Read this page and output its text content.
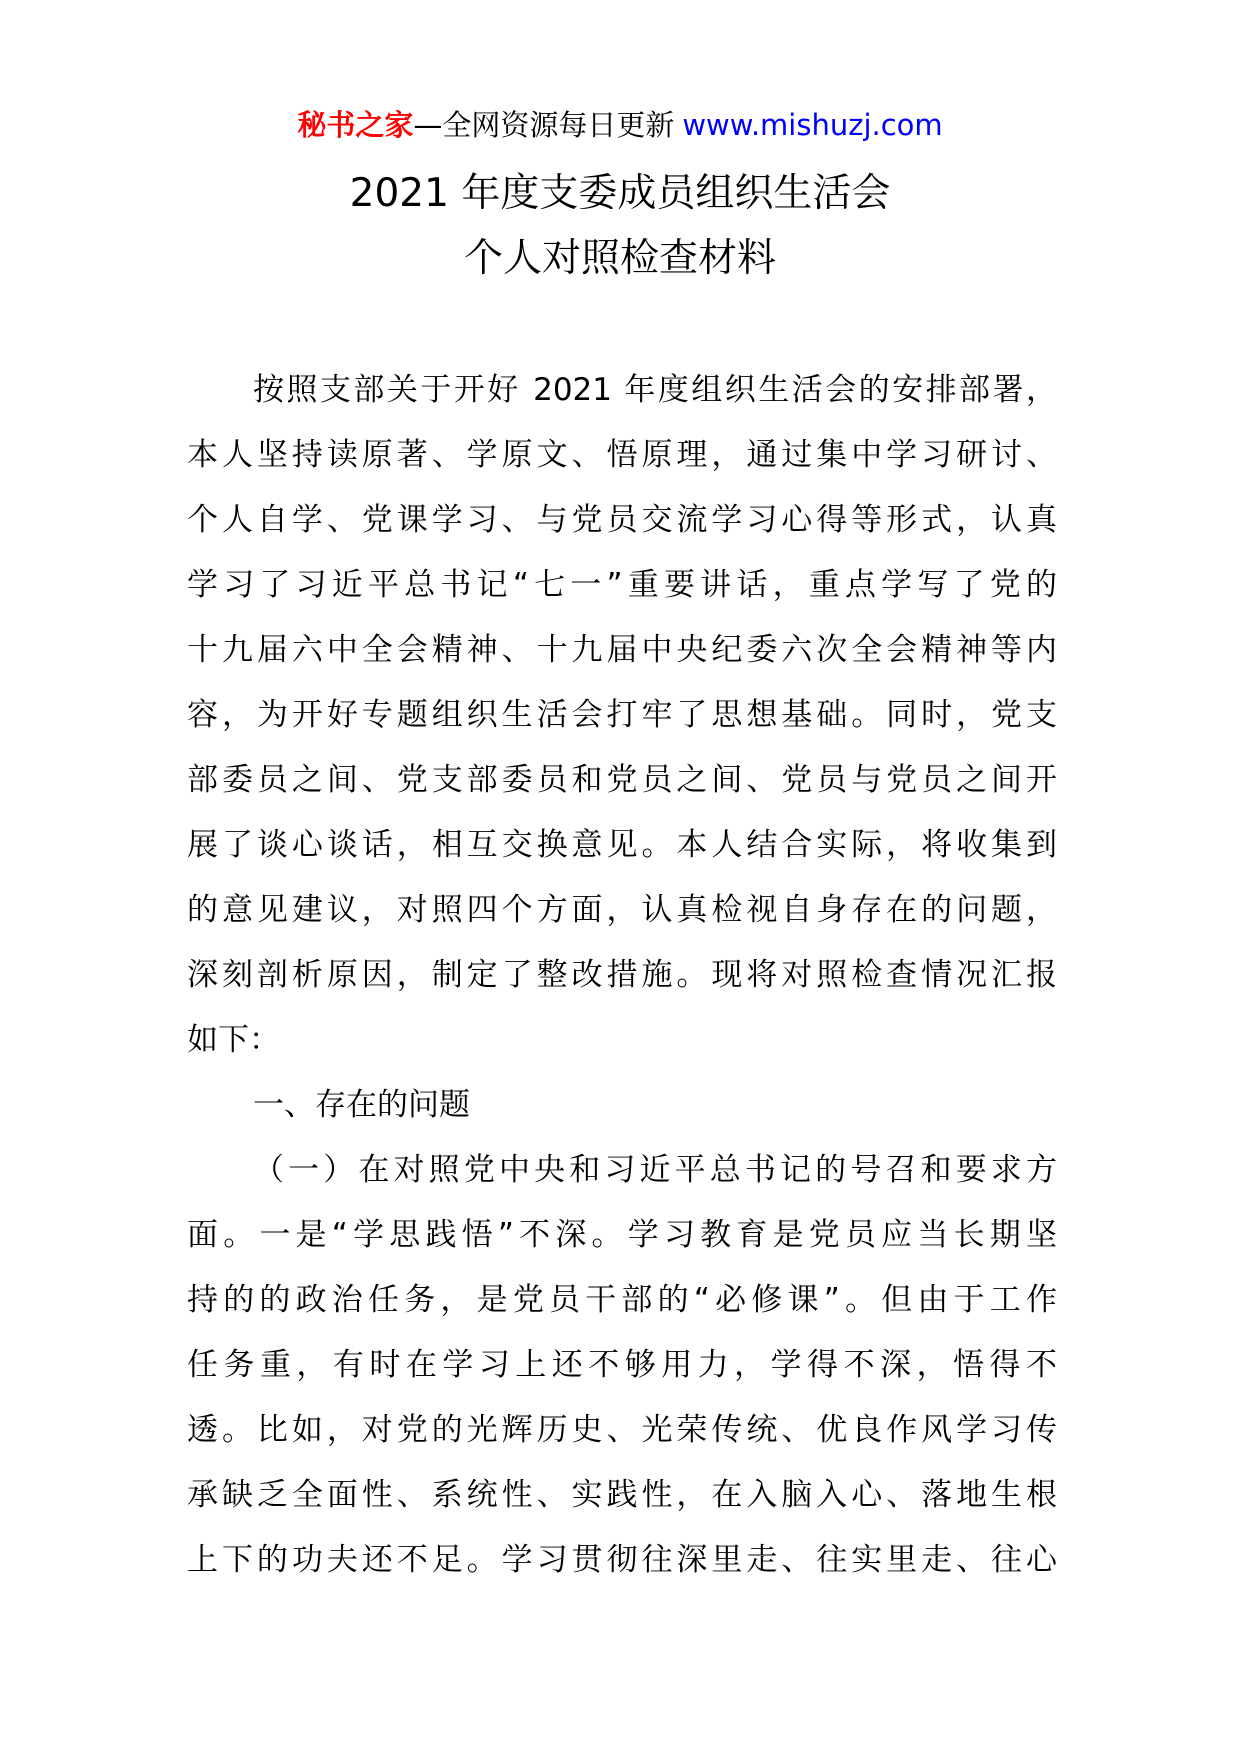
秘书之家—全网资源每日更新 www.mishuzj.com
2021 年度支委成员组织生活会
个人对照检查材料
按照支部关于开好 2021 年度组织生活会的安排部署，
本人坚持读原著、学原文、悟原理，通过集中学习研讨、
个人自学、党课学习、与党员交流学习心得等形式，认真
学习了习近平总书记“七一”重要讲话，重点学写了党的
十九届六中全会精神、十九届中央纪委六次全会精神等内
容，为开好专题组织生活会打牢了思想基础。同时，党支
部委员之间、党支部委员和党员之间、党员与党员之间开
展了谈心谈话，相互交换意见。本人结合实际，将收集到
的意见建议，对照四个方面，认真检视自身存在的问题，
深刻剖析原因，制定了整改措施。现将对照检查情况汇报
如下：
一、存在的问题
（一）在对照党中央和习近平总书记的号召和要求方
面。一是“学思践悟”不深。学习教育是党员应当长期坚
持的的政治任务，是党员干部的“必修课”。但由于工作
任务重，有时在学习上还不够用力，学得不深，悟得不
透。比如，对党的光辉历史、光荣传统、优良作风学习传
承缺乏全面性、系统性、实践性，在入脑入心、落地生根
上下的功夫还不足。学习贯彻往深里走、往实里走、往心
